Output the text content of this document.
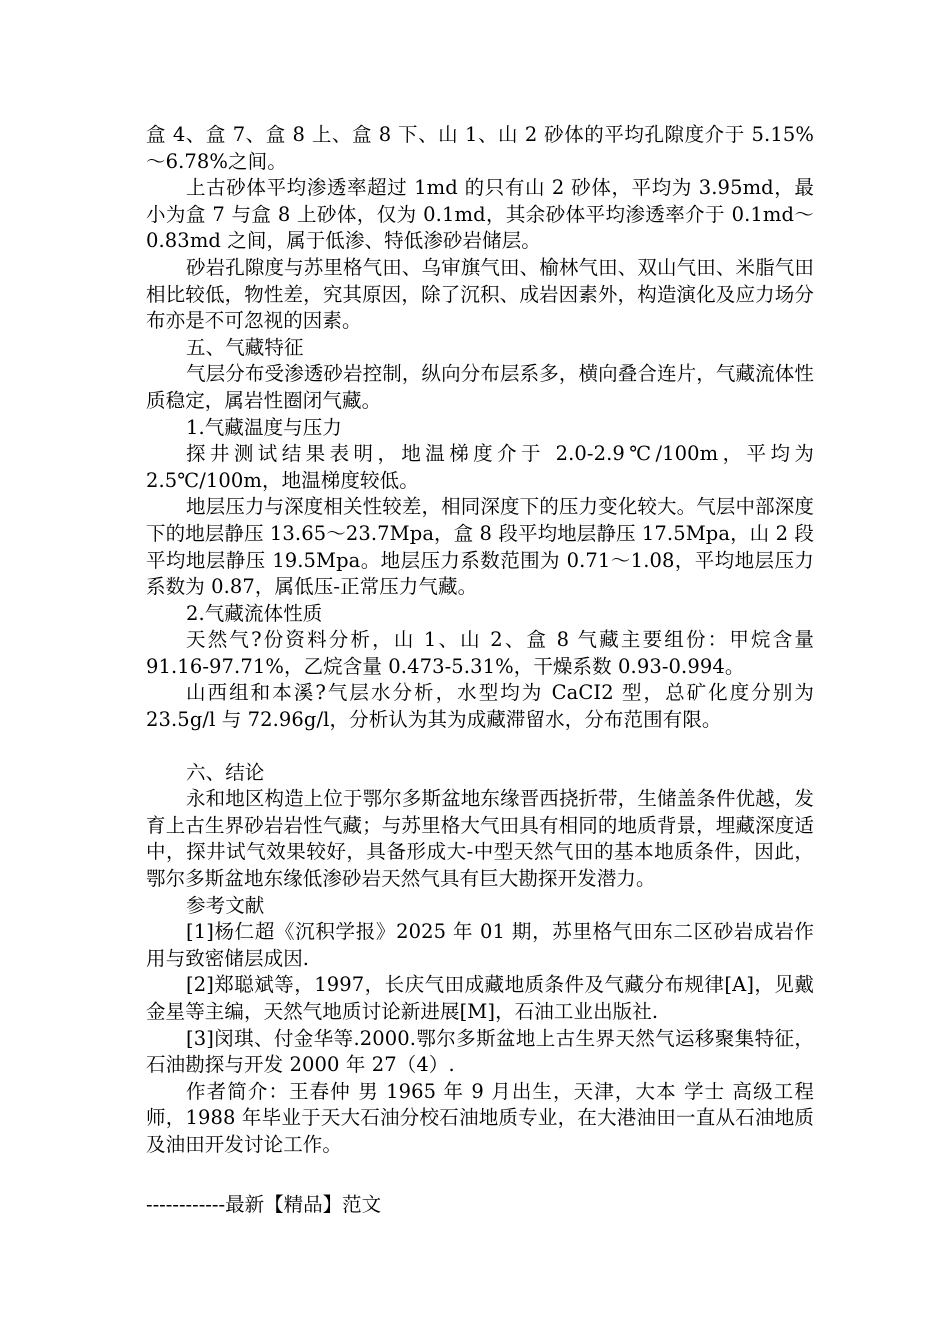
盒 4、盒 7、盒 8 上、盒 8 下、山 1、山 2 砂体的平均孔隙度介于 5.15%～6.78%之间。

上古砂体平均渗透率超过 1md 的只有山 2 砂体，平均为 3.95md，最小为盒 7 与盒 8 上砂体，仅为 0.1md，其余砂体平均渗透率介于 0.1md～0.83md 之间，属于低渗、特低渗砂岩储层。

砂岩孔隙度与苏里格气田、乌审旗气田、榆林气田、双山气田、米脂气田相比较低，物性差，究其原因，除了沉积、成岩因素外，构造演化及应力场分布亦是不可忽视的因素。

五、气藏特征

气层分布受渗透砂岩控制，纵向分布层系多，横向叠合连片，气藏流体性质稳定，属岩性圈闭气藏。

1.气藏温度与压力

探井测试结果表明，地温梯度介于 2.0-2.9℃/100m，平均为 2.5℃/100m，地温梯度较低。

地层压力与深度相关性较差，相同深度下的压力变化较大。气层中部深度下的地层静压 13.65～23.7Mpa，盒 8 段平均地层静压 17.5Mpa，山 2 段平均地层静压 19.5Mpa。地层压力系数范围为 0.71～1.08，平均地层压力系数为 0.87，属低压-正常压力气藏。

2.气藏流体性质

天然气?份资料分析，山 1、山 2、盒 8 气藏主要组份：甲烷含量 91.16-97.71%，乙烷含量 0.473-5.31%，干燥系数 0.93-0.994。

山西组和本溪?气层水分析，水型均为 CaCI2 型，总矿化度分别为 23.5g/l 与 72.96g/l，分析认为其为成藏滞留水，分布范围有限。

六、结论

永和地区构造上位于鄂尔多斯盆地东缘晋西挠折带，生储盖条件优越，发育上古生界砂岩岩性气藏；与苏里格大气田具有相同的地质背景，埋藏深度适中，探井试气效果较好，具备形成大-中型天然气田的基本地质条件，因此，鄂尔多斯盆地东缘低渗砂岩天然气具有巨大勘探开发潜力。

参考文献

[1]杨仁超《沉积学报》2025 年 01 期，苏里格气田东二区砂岩成岩作用与致密储层成因.

[2]郑聪斌等，1997，长庆气田成藏地质条件及气藏分布规律[A]，见戴金星等主编，天然气地质讨论新进展[M]，石油工业出版社.

[3]闵琪、付金华等.2000.鄂尔多斯盆地上古生界天然气运移聚集特征，石油勘探与开发 2000 年 27（4）.

作者简介：王春仲 男 1965 年 9 月出生，天津，大本 学士 高级工程师，1988 年毕业于天大石油分校石油地质专业，在大港油田一直从石油地质及油田开发讨论工作。

------------最新【精品】范文
